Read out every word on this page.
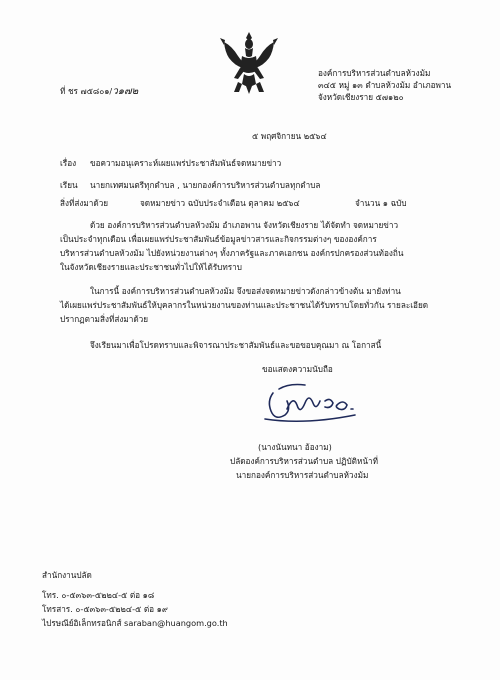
ที่ ชร ๗๕๘๐๑/ว๑๗๒
องค์การบริหารส่วนตำบลห้วงม้ม
๓๔๕ หมู่ ๑๓ ตำบลห้วงม้ม อำเภอพาน
จังหวัดเชียงราย ๕๗๑๒๐
๕ พฤศจิกายน ๒๕๖๔
เรื่อง ขอความอนุเคราะห์เผยแพร่ประชาสัมพันธ์จดหมายข่าว
เรียน นายกเทศมนตรีทุกตำบล , นายกองค์การบริหารส่วนตำบลทุกตำบล
สิ่งที่ส่งมาด้วย	จดหมายข่าว ฉบับประจำเดือน ตุลาคม ๒๕๖๔	จำนวน ๑ ฉบับ
ด้วย องค์การบริหารส่วนตำบลห้วงม้ม อำเภอพาน จังหวัดเชียงราย ได้จัดทำ จดหมายข่าว
เป็นประจำทุกเดือน เพื่อเผยแพร่ประชาสัมพันธ์ข้อมูลข่าวสารและกิจกรรมต่างๆ ขององค์การ
บริหารส่วนตำบลห้วงม้ม ไปยังหน่วยงานต่างๆ ทั้งภาครัฐและภาคเอกชน องค์กรปกครองส่วนท้องถิ่น
ในจังหวัดเชียงรายและประชาชนทั่วไปให้ได้รับทราบ
ในการนี้ องค์การบริหารส่วนตำบลห้วงม้ม จึงขอส่งจดหมายข่าวดังกล่าวข้างต้น มายังท่าน
ได้เผยแพร่ประชาสัมพันธ์ให้บุคลากรในหน่วยงานของท่านและประชาชนได้รับทราบโดยทั่วกัน รายละเอียด
ปรากฏตามสิ่งที่ส่งมาด้วย
จึงเรียนมาเพื่อโปรดทราบและพิจารณาประชาสัมพันธ์และขอขอบคุณมา ณ โอกาสนี้
ขอแสดงความนับถือ
(นางนันทนา อ้องาม)
ปลัดองค์การบริหารส่วนตำบล ปฏิบัติหน้าที่
นายกองค์การบริหารส่วนตำบลห้วงม้ม
สำนักงานปลัด
โทร. ๐-๕๓๖๓-๕๒๒๔-๕ ต่อ ๑๘
โทรสาร. ๐-๕๓๖๓-๕๒๒๔-๕ ต่อ ๑๙
ไปรษณีย์อิเล็กทรอนิกส์ saraban@huangom.go.th
